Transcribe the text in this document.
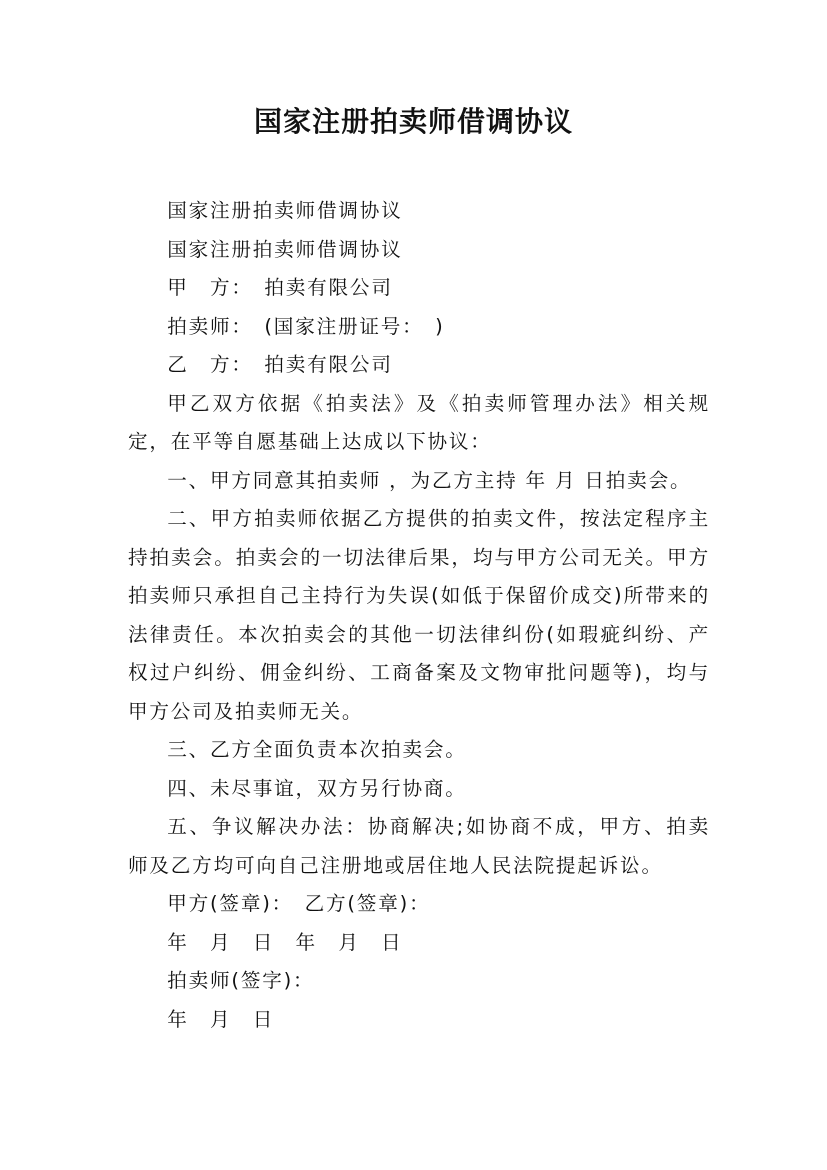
国家注册拍卖师借调协议

国家注册拍卖师借调协议

国家注册拍卖师借调协议

甲　方：　拍卖有限公司

拍卖师：　(国家注册证号：　)

乙　方：　拍卖有限公司

甲乙双方依据《拍卖法》及《拍卖师管理办法》相关规定，在平等自愿基础上达成以下协议：

一、甲方同意其拍卖师 ，为乙方主持 年 月 日拍卖会。

二、甲方拍卖师依据乙方提供的拍卖文件，按法定程序主持拍卖会。拍卖会的一切法律后果，均与甲方公司无关。甲方拍卖师只承担自己主持行为失误(如低于保留价成交)所带来的法律责任。本次拍卖会的其他一切法律纠份(如瑕疵纠纷、产权过户纠纷、佣金纠纷、工商备案及文物审批问题等)，均与甲方公司及拍卖师无关。

三、乙方全面负责本次拍卖会。

四、未尽事谊，双方另行协商。

五、争议解决办法：协商解决;如协商不成，甲方、拍卖师及乙方均可向自己注册地或居住地人民法院提起诉讼。

甲方(签章)：　乙方(签章)：

年　月　日　年　月　日

拍卖师(签字)：

年　月　日
